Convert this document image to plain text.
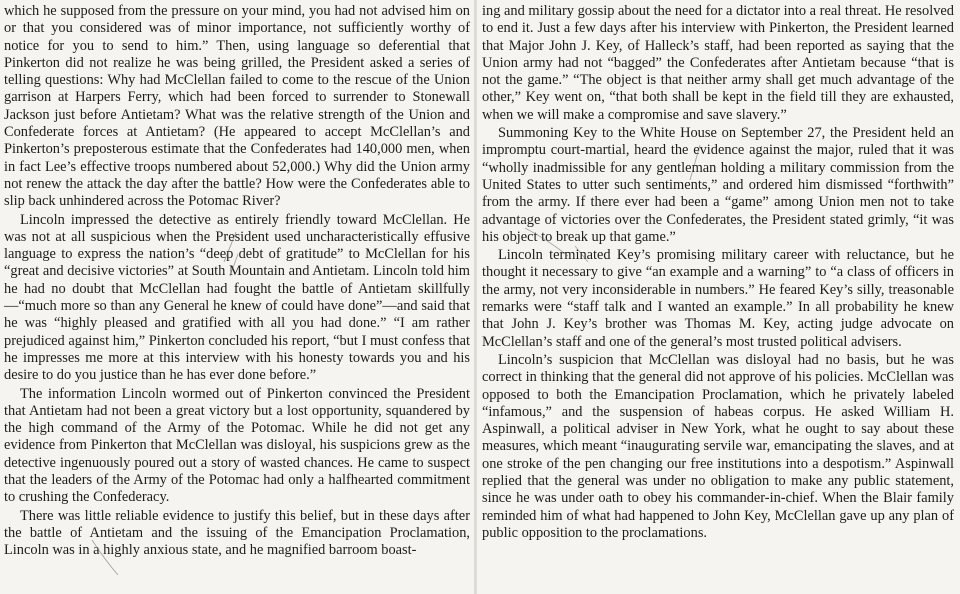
which he supposed from the pressure on your mind, you had not advised him on or that you considered was of minor importance, not sufficiently worthy of notice for you to send to him.” Then, using language so deferential that Pinkerton did not realize he was being grilled, the President asked a series of telling questions: Why had McClellan failed to come to the rescue of the Union garrison at Harpers Ferry, which had been forced to surrender to Stonewall Jackson just before Antietam? What was the relative strength of the Union and Confederate forces at Antietam? (He appeared to accept McClellan’s and Pinkerton’s preposterous estimate that the Confederates had 140,000 men, when in fact Lee’s effective troops numbered about 52,000.) Why did the Union army not renew the attack the day after the battle? How were the Confederates able to slip back unhindered across the Potomac River?

Lincoln impressed the detective as entirely friendly toward McClellan. He was not at all suspicious when the President used uncharacteristically effusive language to express the nation’s “deep debt of gratitude” to McClellan for his “great and decisive victories” at South Mountain and Antietam. Lincoln told him he had no doubt that McClellan had fought the battle of Antietam skillfully—“much more so than any General he knew of could have done”—and said that he was “highly pleased and gratified with all you had done.” “I am rather prejudiced against him,” Pinkerton concluded his report, “but I must confess that he impresses me more at this interview with his honesty towards you and his desire to do you justice than he has ever done before.”

The information Lincoln wormed out of Pinkerton convinced the President that Antietam had not been a great victory but a lost opportunity, squandered by the high command of the Army of the Potomac. While he did not get any evidence from Pinkerton that McClellan was disloyal, his suspicions grew as the detective ingenuously poured out a story of wasted chances. He came to suspect that the leaders of the Army of the Potomac had only a halfhearted commitment to crushing the Confederacy.

There was little reliable evidence to justify this belief, but in these days after the battle of Antietam and the issuing of the Emancipation Proclamation, Lincoln was in a highly anxious state, and he magnified barroom boast-

ing and military gossip about the need for a dictator into a real threat. He resolved to end it. Just a few days after his interview with Pinkerton, the President learned that Major John J. Key, of Halleck’s staff, had been reported as saying that the Union army had not “bagged” the Confederates after Antietam because “that is not the game.” “The object is that neither army shall get much advantage of the other,” Key went on, “that both shall be kept in the field till they are exhausted, when we will make a compromise and save slavery.”

Summoning Key to the White House on September 27, the President held an impromptu court-martial, heard the evidence against the major, ruled that it was “wholly inadmissible for any gentleman holding a military commission from the United States to utter such sentiments,” and ordered him dismissed “forthwith” from the army. If there ever had been a “game” among Union men not to take advantage of victories over the Confederates, the President stated grimly, “it was his object to break up that game.”

Lincoln terminated Key’s promising military career with reluctance, but he thought it necessary to give “an example and a warning” to “a class of officers in the army, not very inconsiderable in numbers.” He feared Key’s silly, treasonable remarks were “staff talk and I wanted an example.” In all probability he knew that John J. Key’s brother was Thomas M. Key, acting judge advocate on McClellan’s staff and one of the general’s most trusted political advisers.

Lincoln’s suspicion that McClellan was disloyal had no basis, but he was correct in thinking that the general did not approve of his policies. McClellan was opposed to both the Emancipation Proclamation, which he privately labeled “infamous,” and the suspension of habeas corpus. He asked William H. Aspinwall, a political adviser in New York, what he ought to say about these measures, which meant “inaugurating servile war, emancipating the slaves, and at one stroke of the pen changing our free institutions into a despotism.” Aspinwall replied that the general was under no obligation to make any public statement, since he was under oath to obey his commander-in-chief. When the Blair family reminded him of what had happened to John Key, McClellan gave up any plan of public opposition to the proclamations.
